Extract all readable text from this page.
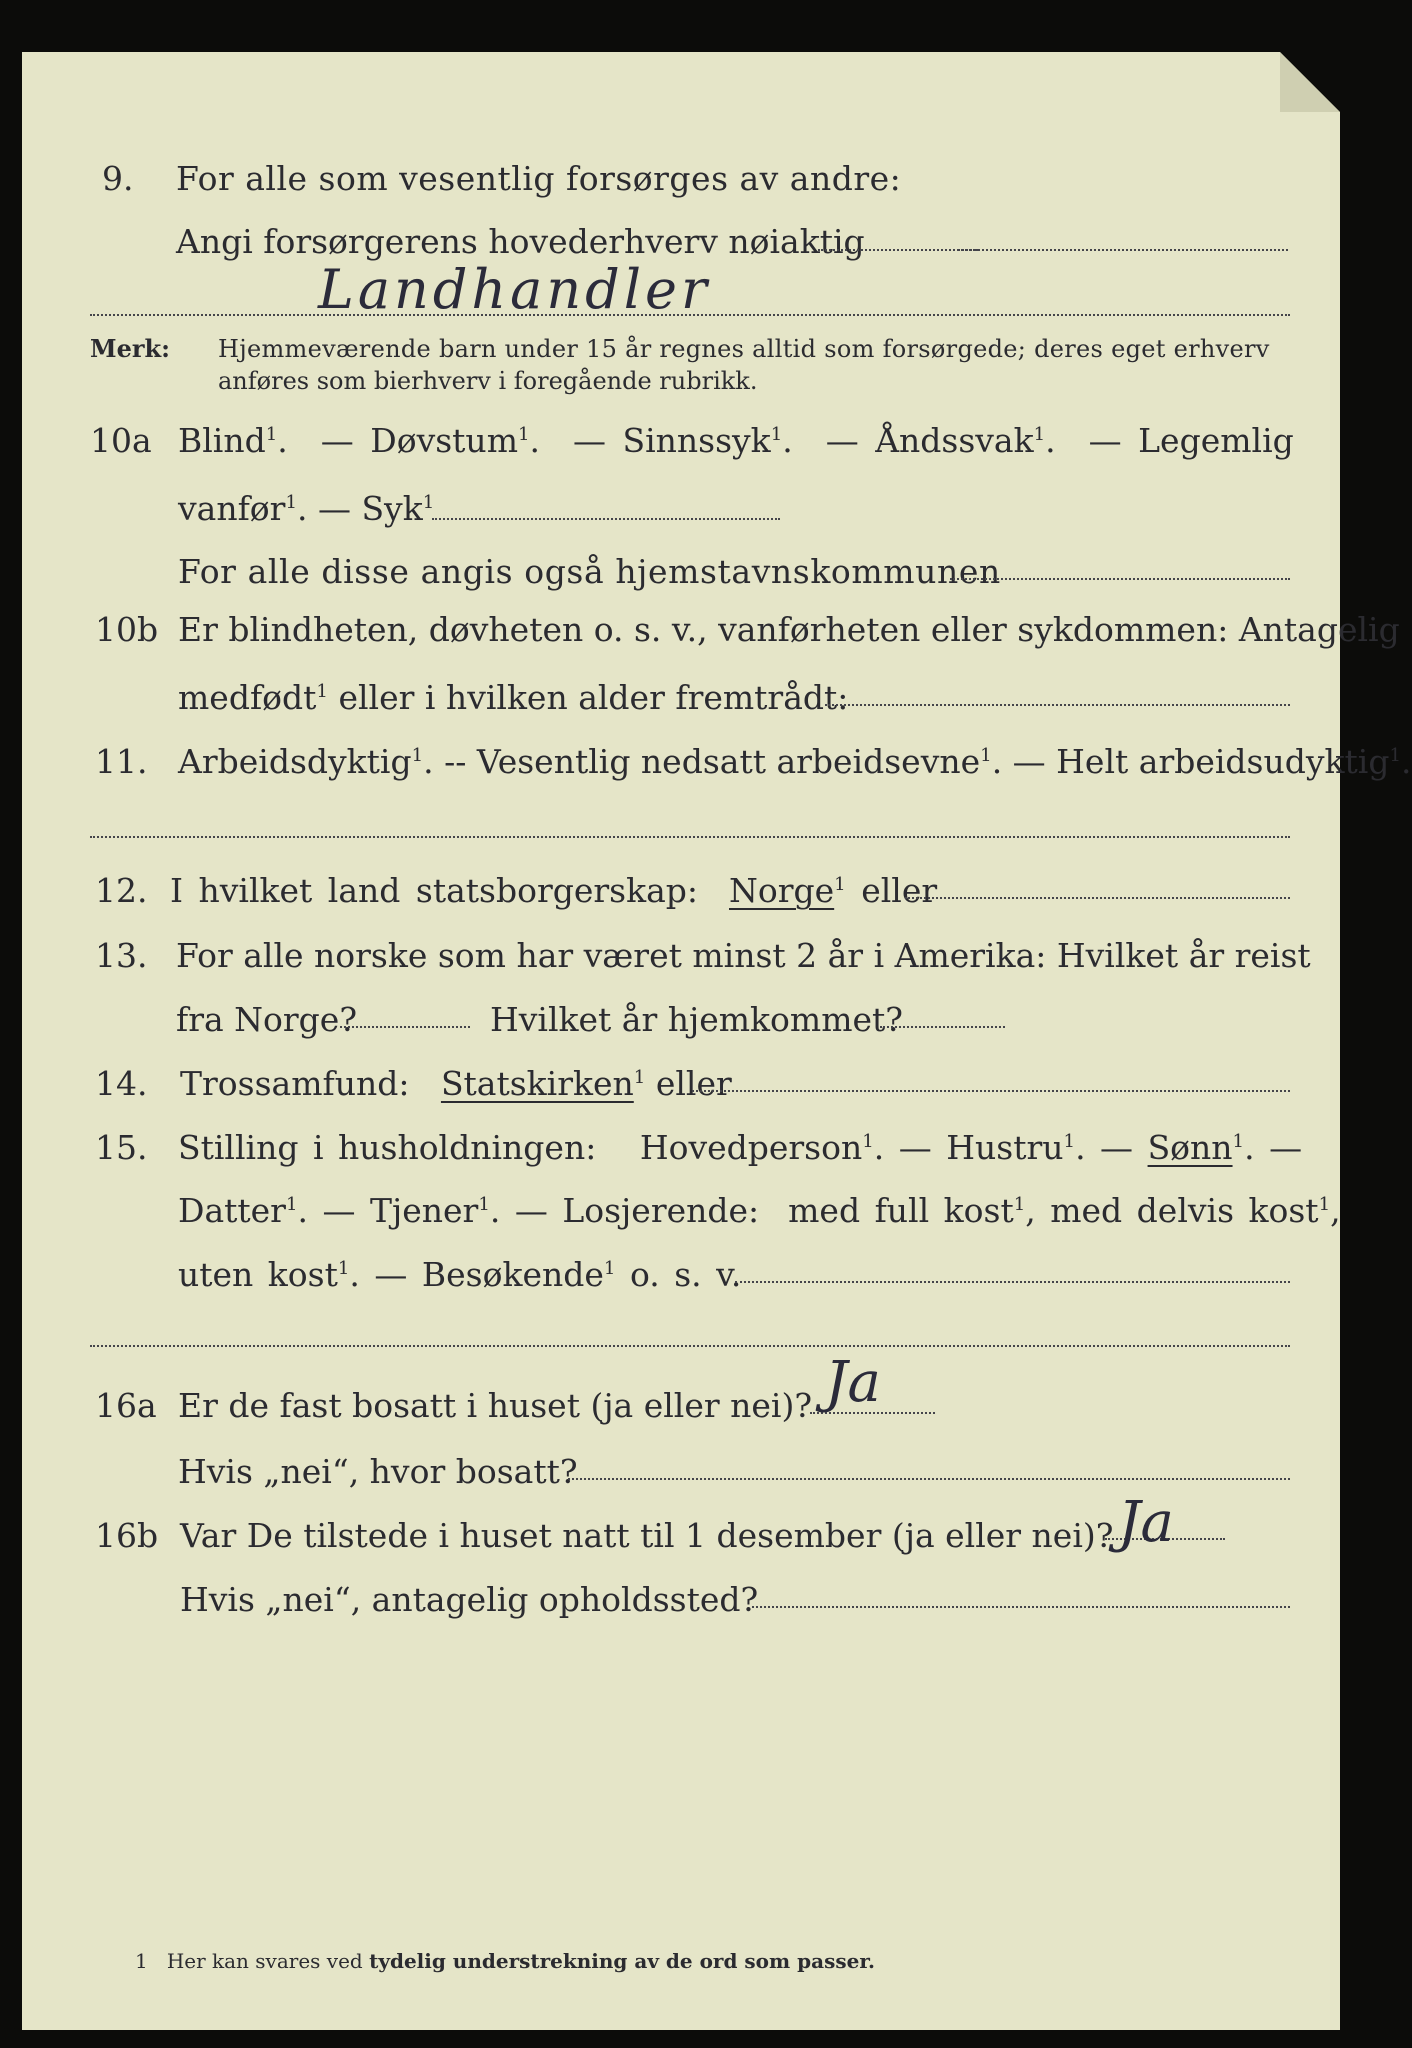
9. For alle som vesentlig forsørges av andre:
Angi forsørgerens hovederhverv nøiaktig
Landhandler
Merk: Hjemmeværende barn under 15 år regnes alltid som forsørgede; deres eget erhverv
anføres som bierhverv i foregående rubrikk.
10a Blind$^1$.  — Døvstum$^1$.  — Sinnssyk$^1$.  — Åndssvak$^1$.  — Legemlig
vanfør$^1$. — Syk$^1$
For alle disse angis også hjemstavnskommunen
10b Er blindheten, døvheten o. s. v., vanførheten eller sykdommen: Antagelig
medfødt$^1$ eller i hvilken alder fremtrådt:
11. Arbeidsdyktig$^1$. -- Vesentlig nedsatt arbeidsevne$^1$. — Helt arbeidsudyktig$^1$.
12. I hvilket land statsborgerskap: Norge$^1$ eller
13. For alle norske som har været minst 2 år i Amerika: Hvilket år reist
fra Norge?	Hvilket år hjemkommet?
14. Trossamfund: Statskirken$^1$ eller
15. Stilling i husholdningen: Hovedperson$^1$. — Hustru$^1$. — Sønn$^1$. —
Datter$^1$. — Tjener$^1$. — Losjerende: med full kost$^1$, med delvis kost$^1$,
uten kost$^1$. — Besøkende$^1$ o. s. v.
16a Er de fast bosatt i huset (ja eller nei)? Ja
Hvis „nei“, hvor bosatt?
16b Var De tilstede i huset natt til 1 desember (ja eller nei)? Ja
Hvis „nei“, antagelig opholdssted?
1 Her kan svares ved tydelig understrekning av de ord som passer.
